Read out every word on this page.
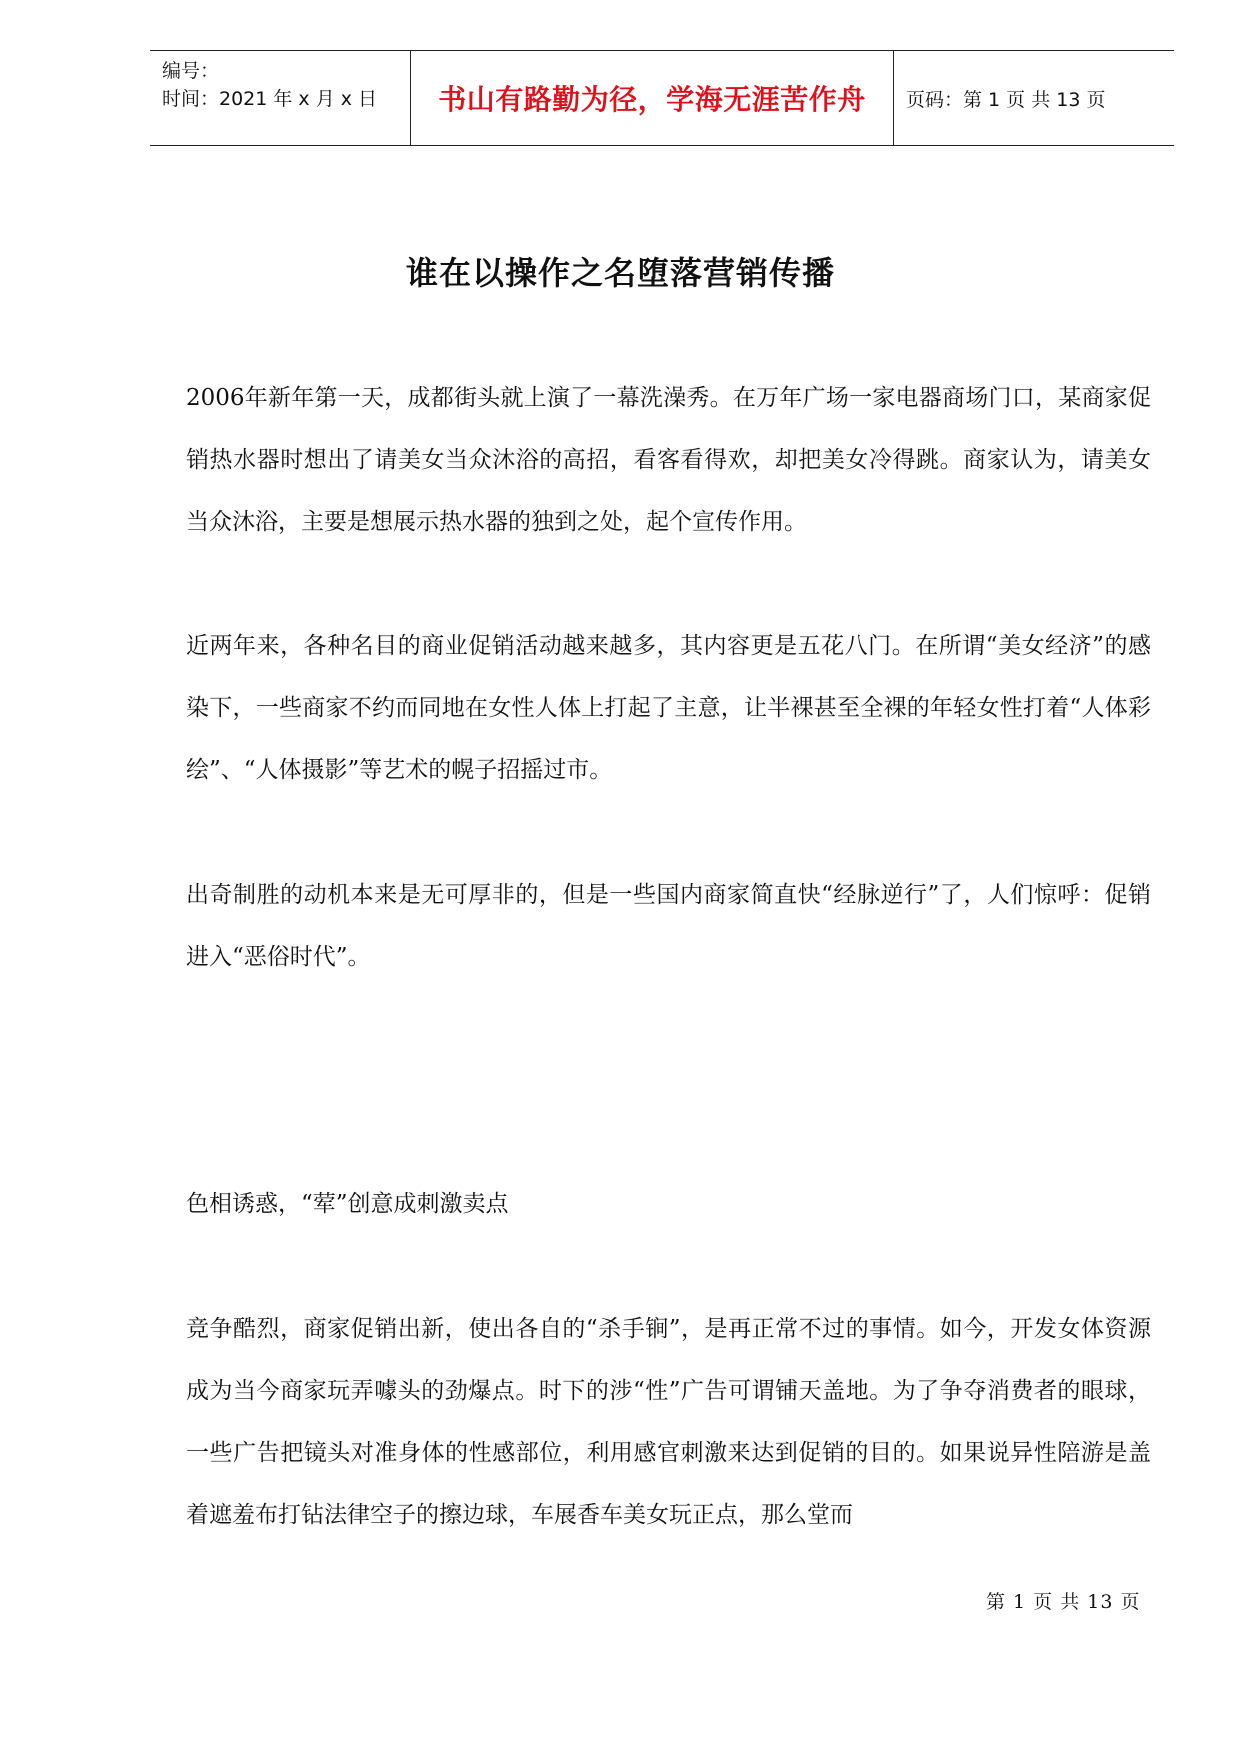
编号：
时间：2021 年 x 月 x 日	书山有路勤为径，学海无涯苦作舟 页码：第 1 页 共 13 页
谁在以操作之名堕落营销传播

2006年新年第一天，成都街头就上演了一幕洗澡秀。在万年广场一家电器商场门口，某商家促销热水器时想出了请美女当众沐浴的高招，看客看得欢，却把美女冷得跳。商家认为，请美女当众沐浴，主要是想展示热水器的独到之处，起个宣传作用。

近两年来，各种名目的商业促销活动越来越多，其内容更是五花八门。在所谓“美女经济”的感染下，一些商家不约而同地在女性人体上打起了主意，让半裸甚至全裸的年轻女性打着“人体彩绘”、“人体摄影”等艺术的幌子招摇过市。

出奇制胜的动机本来是无可厚非的，但是一些国内商家简直快“经脉逆行”了，人们惊呼：促销进入“恶俗时代”。

色相诱惑，“荤”创意成刺激卖点

竞争酷烈，商家促销出新，使出各自的“杀手锏”，是再正常不过的事情。如今，开发女体资源成为当今商家玩弄噱头的劲爆点。时下的涉“性”广告可谓铺天盖地。为了争夺消费者的眼球，一些广告把镜头对准身体的性感部位，利用感官刺激来达到促销的目的。如果说异性陪游是盖着遮羞布打钻法律空子的擦边球，车展香车美女玩正点，那么堂而

第 1 页 共 13 页
